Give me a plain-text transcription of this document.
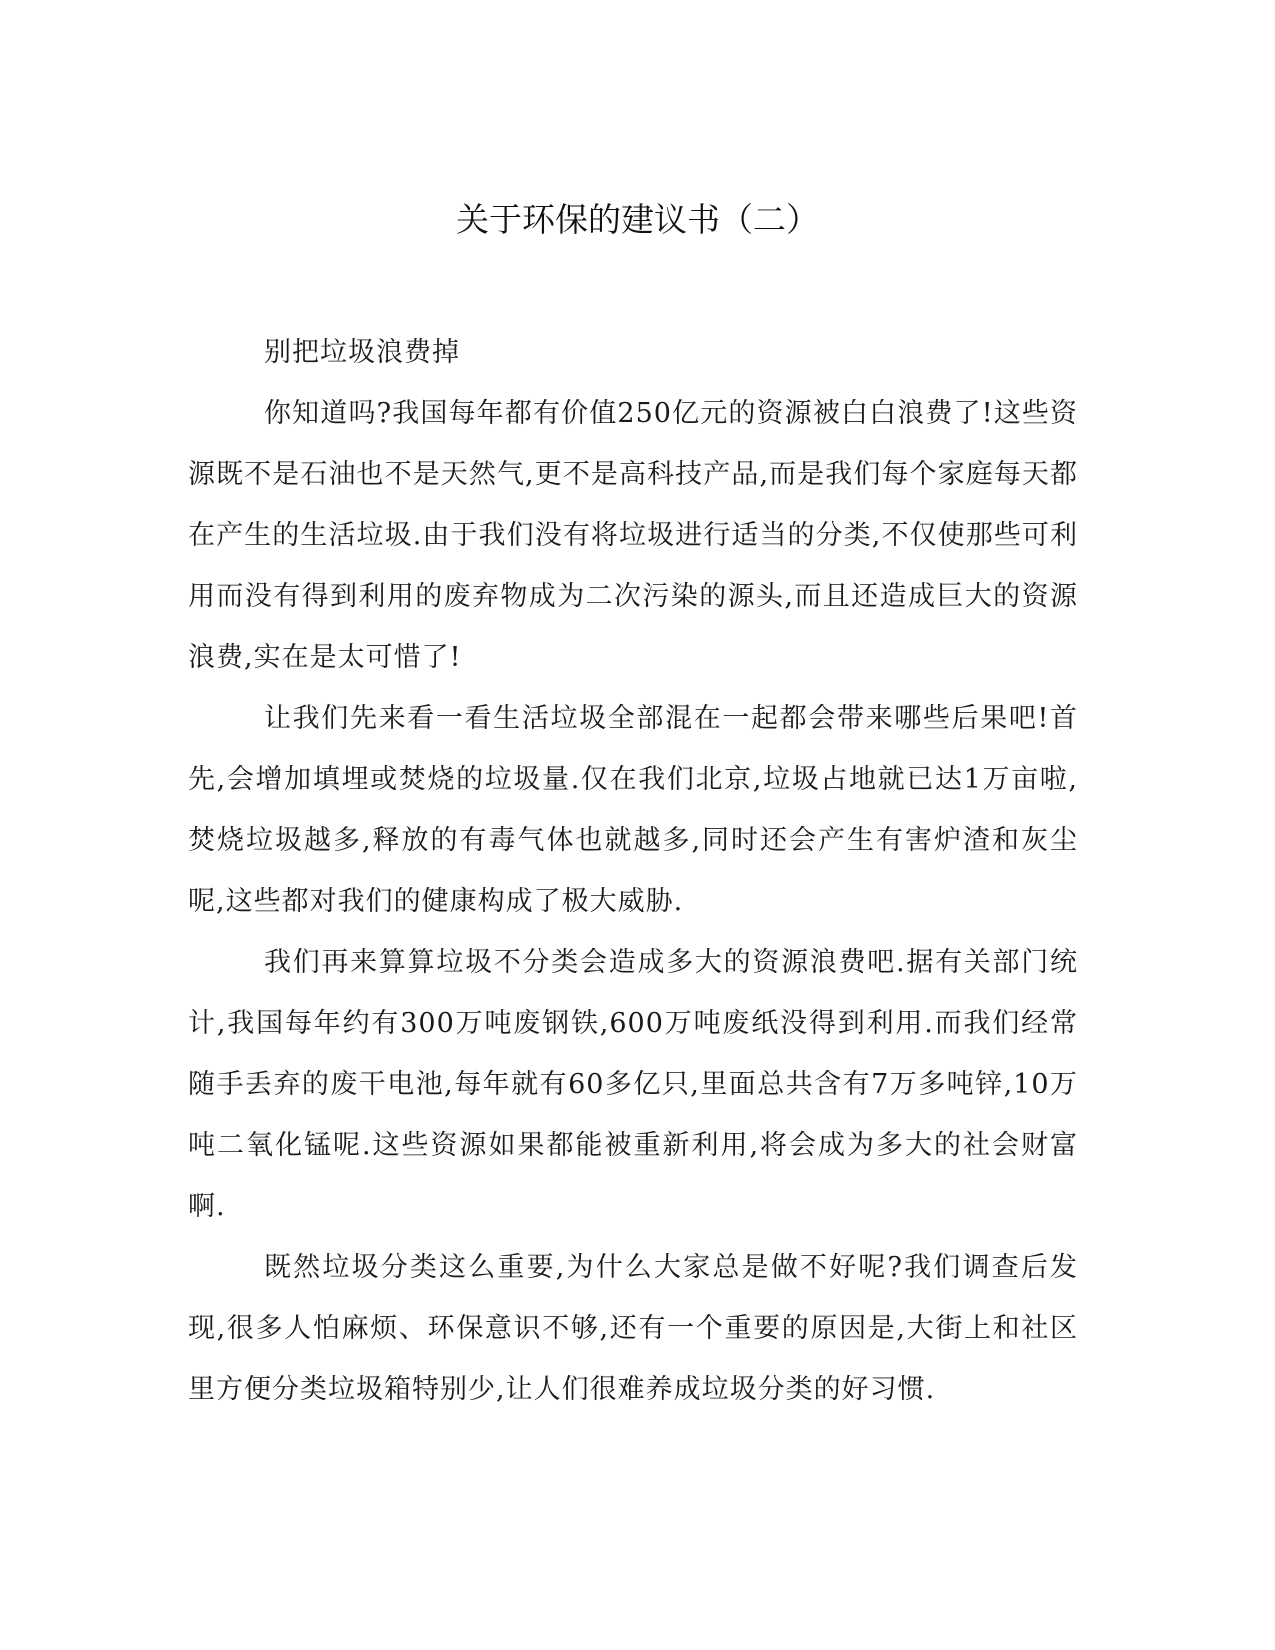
关于环保的建议书（二）

别把垃圾浪费掉

你知道吗?我国每年都有价值250亿元的资源被白白浪费了!这些资源既不是石油也不是天然气,更不是高科技产品,而是我们每个家庭每天都在产生的生活垃圾.由于我们没有将垃圾进行适当的分类,不仅使那些可利用而没有得到利用的废弃物成为二次污染的源头,而且还造成巨大的资源浪费,实在是太可惜了!

让我们先来看一看生活垃圾全部混在一起都会带来哪些后果吧!首先,会增加填埋或焚烧的垃圾量.仅在我们北京,垃圾占地就已达1万亩啦,焚烧垃圾越多,释放的有毒气体也就越多,同时还会产生有害炉渣和灰尘呢,这些都对我们的健康构成了极大威胁.

我们再来算算垃圾不分类会造成多大的资源浪费吧.据有关部门统计,我国每年约有300万吨废钢铁,600万吨废纸没得到利用.而我们经常随手丢弃的废干电池,每年就有60多亿只,里面总共含有7万多吨锌,10万吨二氧化锰呢.这些资源如果都能被重新利用,将会成为多大的社会财富啊.

既然垃圾分类这么重要,为什么大家总是做不好呢?我们调查后发现,很多人怕麻烦、环保意识不够,还有一个重要的原因是,大街上和社区里方便分类垃圾箱特别少,让人们很难养成垃圾分类的好习惯.
